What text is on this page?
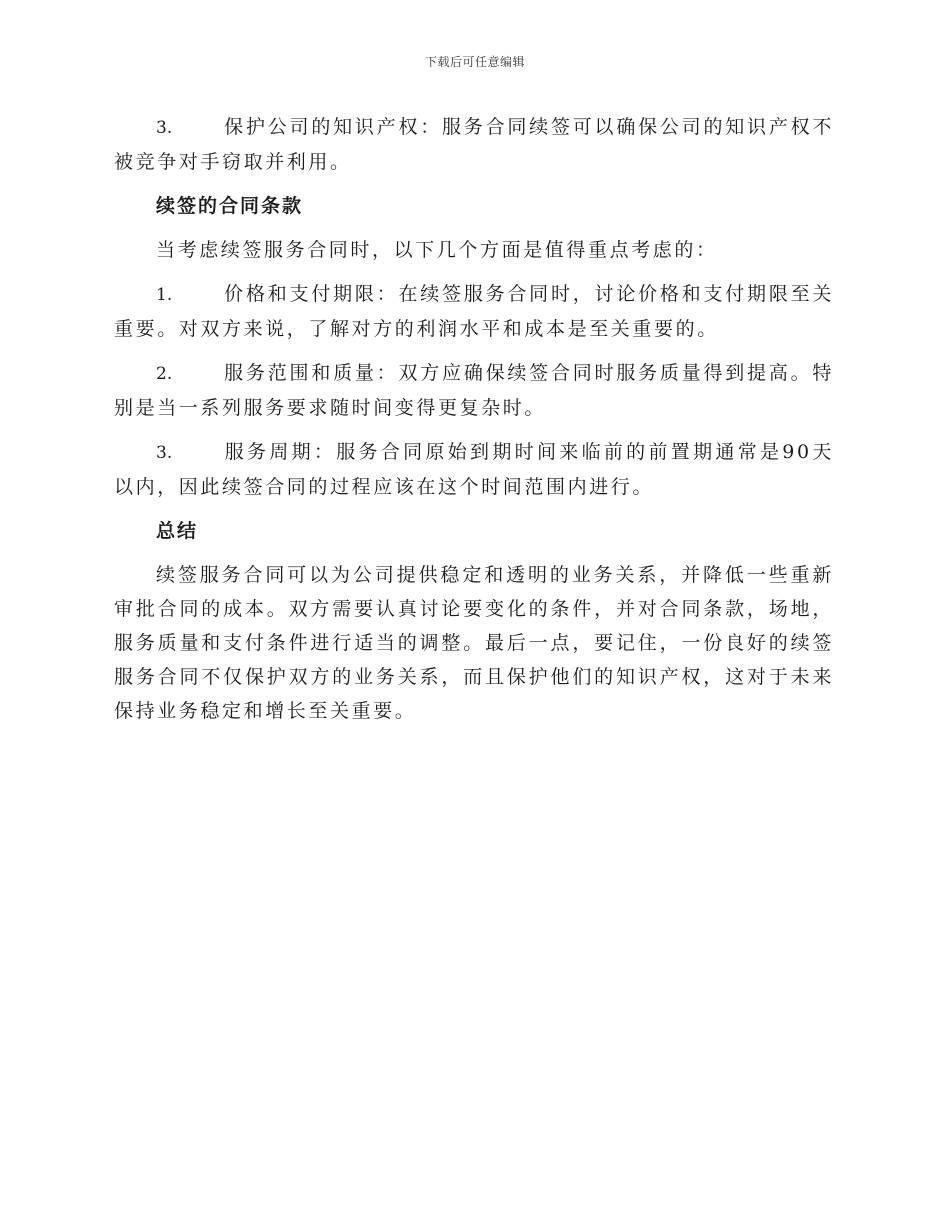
下载后可任意编辑

3.	保护公司的知识产权：服务合同续签可以确保公司的知识产权不被竞争对手窃取并利用。

续签的合同条款

当考虑续签服务合同时，以下几个方面是值得重点考虑的：

1.	价格和支付期限：在续签服务合同时，讨论价格和支付期限至关重要。对双方来说，了解对方的利润水平和成本是至关重要的。

2.	服务范围和质量：双方应确保续签合同时服务质量得到提高。特别是当一系列服务要求随时间变得更复杂时。

3.	服务周期：服务合同原始到期时间来临前的前置期通常是90天以内，因此续签合同的过程应该在这个时间范围内进行。

总结

续签服务合同可以为公司提供稳定和透明的业务关系，并降低一些重新审批合同的成本。双方需要认真讨论要变化的条件，并对合同条款，场地，服务质量和支付条件进行适当的调整。最后一点，要记住，一份良好的续签服务合同不仅保护双方的业务关系，而且保护他们的知识产权，这对于未来保持业务稳定和增长至关重要。
